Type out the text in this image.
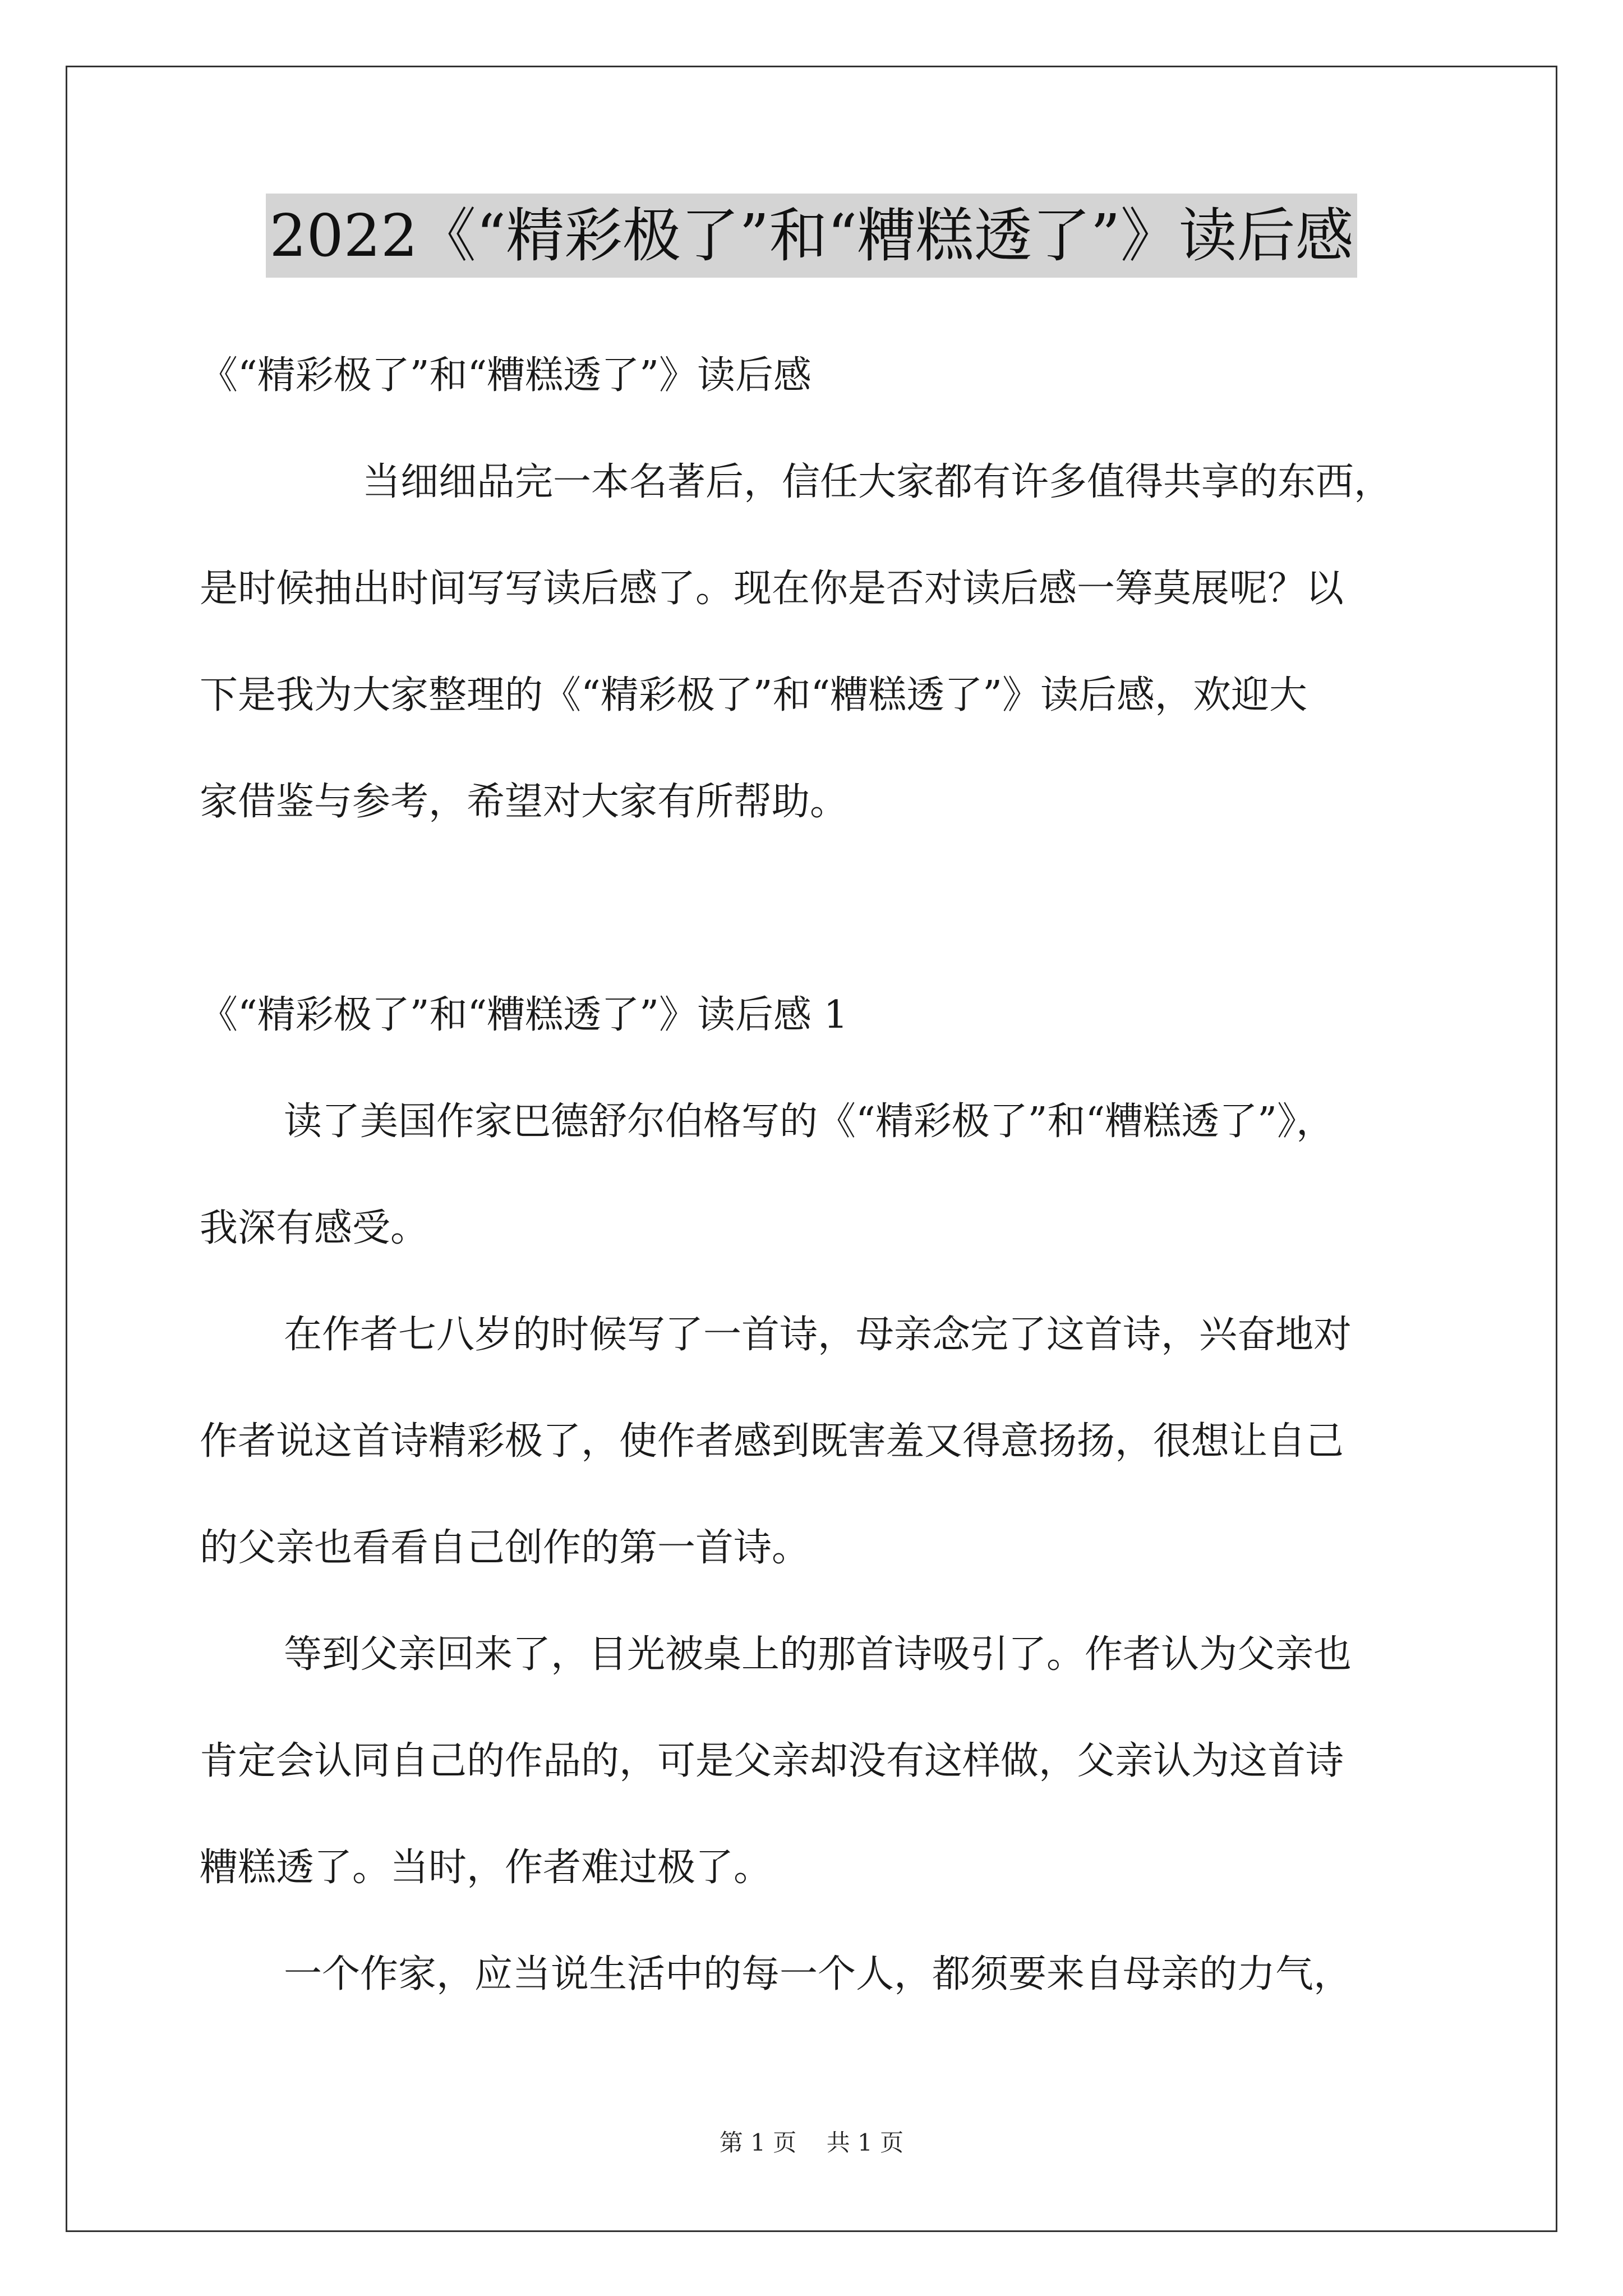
2022《“精彩极了”和“糟糕透了”》读后感
《“精彩极了”和“糟糕透了”》读后感
当细细品完一本名著后，信任大家都有许多值得共享的东西，
是时候抽出时间写写读后感了。现在你是否对读后感一筹莫展呢？以
下是我为大家整理的《“精彩极了”和“糟糕透了”》读后感，欢迎大
家借鉴与参考，希望对大家有所帮助。
《“精彩极了”和“糟糕透了”》读后感 1
读了美国作家巴德舒尔伯格写的《“精彩极了”和“糟糕透了”》，
我深有感受。
在作者七八岁的时候写了一首诗，母亲念完了这首诗，兴奋地对
作者说这首诗精彩极了，使作者感到既害羞又得意扬扬，很想让自己
的父亲也看看自己创作的第一首诗。
等到父亲回来了，目光被桌上的那首诗吸引了。作者认为父亲也
肯定会认同自己的作品的，可是父亲却没有这样做，父亲认为这首诗
糟糕透了。当时，作者难过极了。
一个作家，应当说生活中的每一个人，都须要来自母亲的力气，
第 1 页    共 1 页
